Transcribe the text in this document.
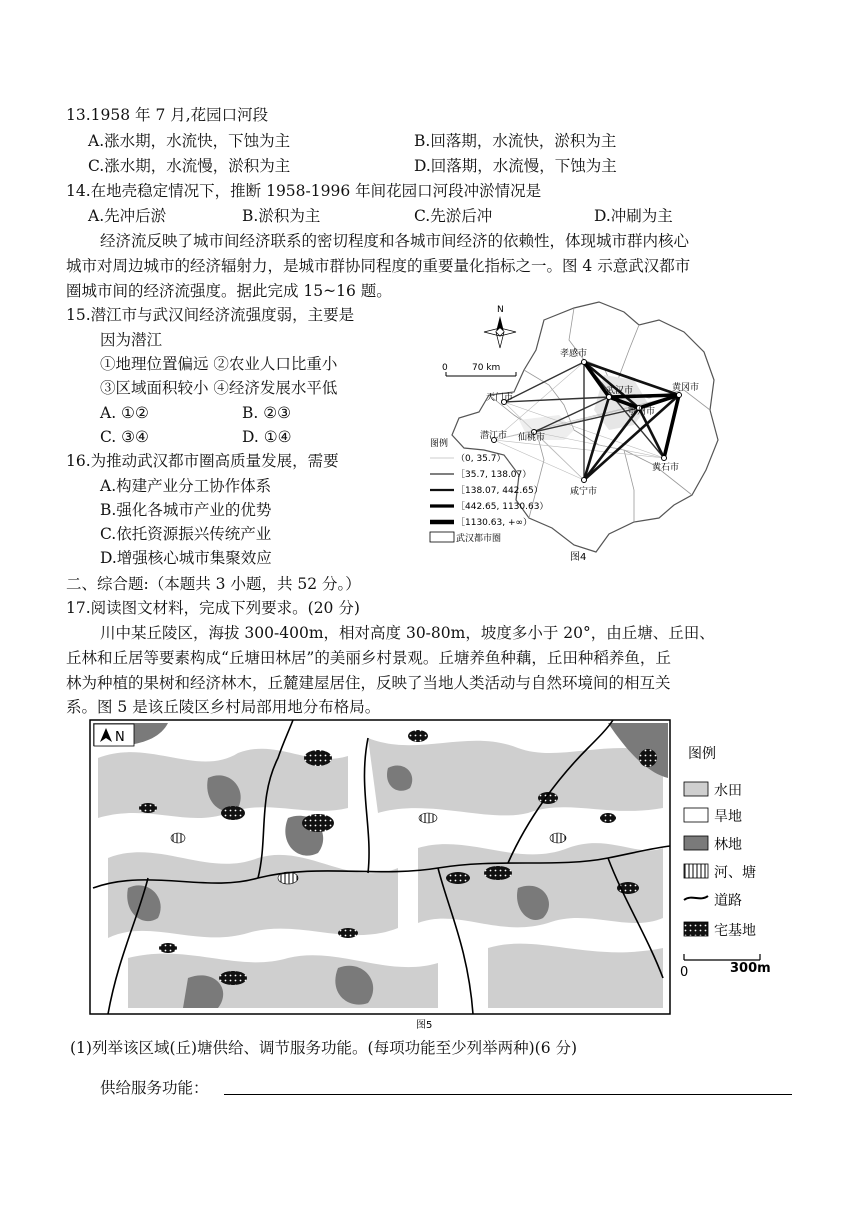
13.1958 年 7 月,花园口河段
A.涨水期，水流快，下蚀为主	B.回落期，水流快，淤积为主
C.涨水期，水流慢，淤积为主	D.回落期，水流慢，下蚀为主
14.在地壳稳定情况下，推断 1958-1996 年间花园口河段冲淤情况是
A.先冲后淤	B.淤积为主	C.先淤后冲	D.冲刷为主
经济流反映了城市间经济联系的密切程度和各城市间经济的依赖性，体现城市群内核心
城市对周边城市的经济辐射力，是城市群协同程度的重要量化指标之一。图 4 示意武汉都市
圈城市间的经济流强度。据此完成 15~16 题。
15.潜江市与武汉间经济流强度弱，主要是
因为潜江
①地理位置偏远 ②农业人口比重小
③区域面积较小 ④经济发展水平低
A. ①②	B. ②③
C. ③④	D. ①④
16.为推动武汉都市圈高质量发展，需要
A.构建产业分工协作体系
B.强化各城市产业的优势
C.依托资源振兴传统产业
D.增强核心城市集聚效应
孝感市
天门市
武汉市	黄冈市
鄂州市
潜江市 仙桃市
黄石市
咸宁市
N
0	70 km
图例
（0, 35.7）
［35.7, 138.07）
［138.07, 442.65）
［442.65, 1130.63）
［1130.63, +∞）
武汉都市圈
图4
二、综合题:（本题共 3 小题，共 52 分。）
17.阅读图文材料，完成下列要求。(20 分)
川中某丘陵区，海拔 300-400m，相对高度 30-80m，坡度多小于 20°，由丘塘、丘田、
丘林和丘居等要素构成“丘塘田林居”的美丽乡村景观。丘塘养鱼种藕，丘田种稻养鱼，丘
林为种植的果树和经济林木，丘麓建屋居住，反映了当地人类活动与自然环境间的相互关
系。图 5 是该丘陵区乡村局部用地分布格局。
N
图例
水田
旱地
林地
河、塘
道路
宅基地
0	300m
图5
(1)列举该区域(丘)塘供给、调节服务功能。(每项功能至少列举两种)(6 分)
供给服务功能：
